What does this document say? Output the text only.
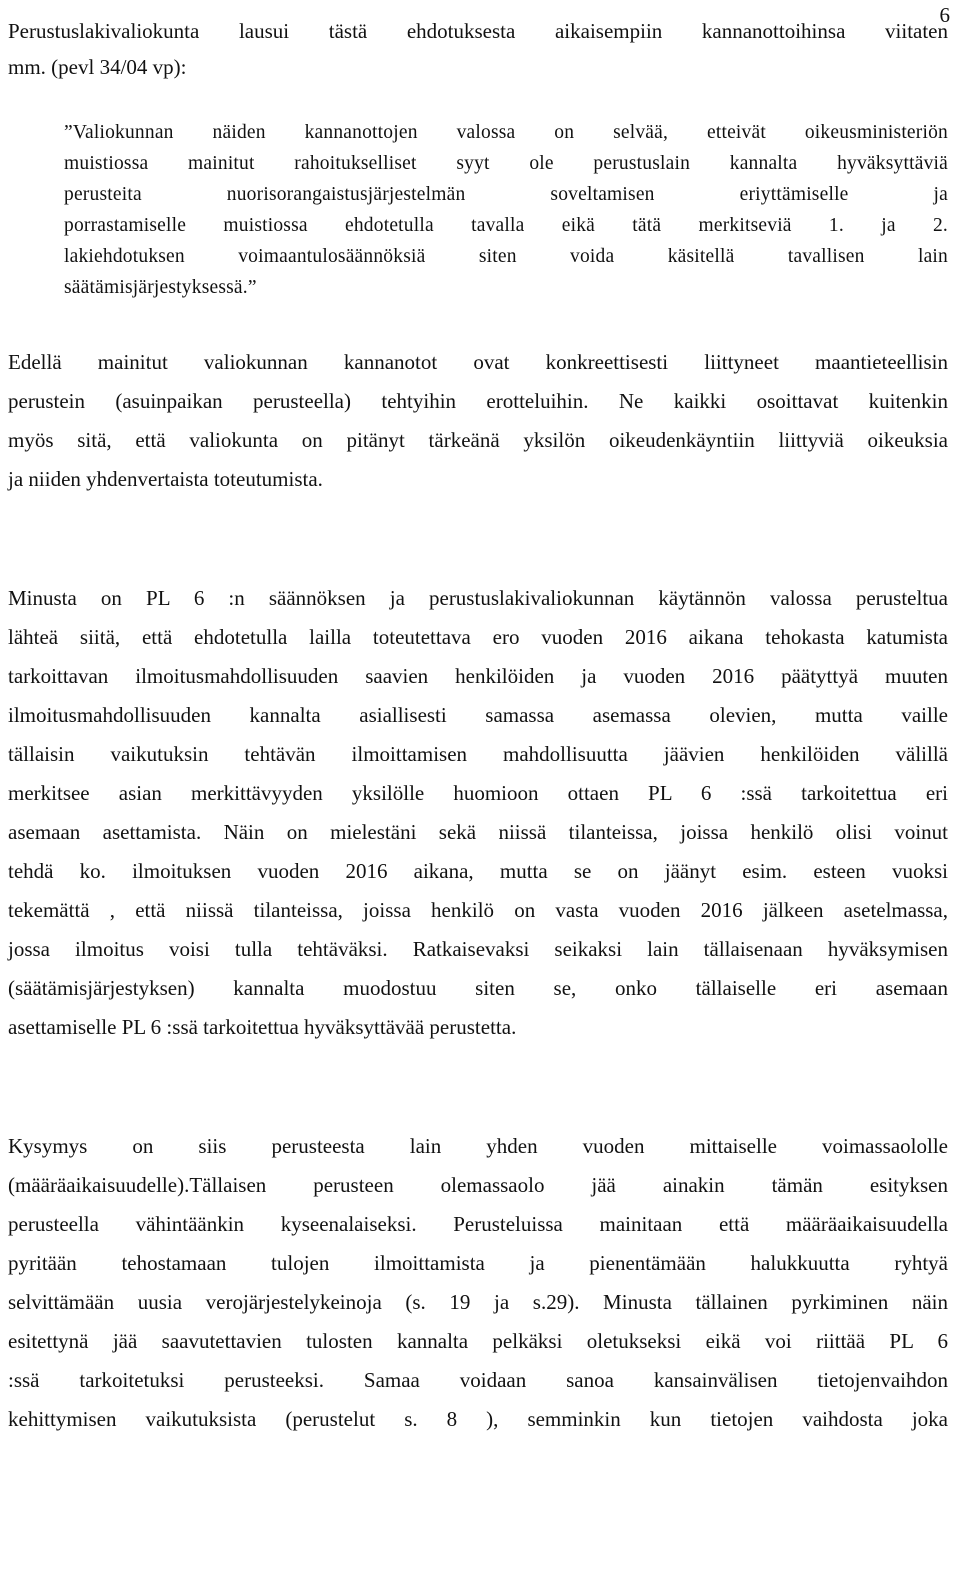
6
Perustuslakivaliokunta lausui tästä ehdotuksesta aikaisempiin kannanottoihinsa viitaten
mm. (pevl 34/04 vp):
”Valiokunnan näiden kannanottojen valossa on selvää, etteivät oikeusministeriön
muistiossa mainitut rahoitukselliset syyt ole perustuslain kannalta hyväksyttäviä
perusteita nuorisorangaistusjärjestelmän soveltamisen eriyttämiselle ja
porrastamiselle muistiossa ehdotetulla tavalla eikä tätä merkitseviä 1. ja 2.
lakiehdotuksen voimaantulosäännöksiä siten voida käsitellä tavallisen lain
säätämisjärjestyksessä.”
Edellä mainitut valiokunnan kannanotot ovat konkreettisesti liittyneet maantieteellisin
perustein (asuinpaikan perusteella) tehtyihin erotteluihin. Ne kaikki osoittavat kuitenkin
myös sitä, että valiokunta on pitänyt tärkeänä yksilön oikeudenkäyntiin liittyviä oikeuksia
ja niiden yhdenvertaista toteutumista.
Minusta on PL 6 :n säännöksen ja perustuslakivaliokunnan käytännön valossa perusteltua
lähteä siitä, että ehdotetulla lailla toteutettava ero vuoden 2016 aikana tehokasta katumista
tarkoittavan ilmoitusmahdollisuuden saavien henkilöiden ja vuoden 2016 päätyttyä muuten
ilmoitusmahdollisuuden kannalta asiallisesti samassa asemassa olevien, mutta vaille
tällaisin vaikutuksin tehtävän ilmoittamisen mahdollisuutta jäävien henkilöiden välillä
merkitsee asian merkittävyyden yksilölle huomioon ottaen PL 6 :ssä tarkoitettua eri
asemaan asettamista. Näin on mielestäni sekä niissä tilanteissa, joissa henkilö olisi voinut
tehdä ko. ilmoituksen vuoden 2016 aikana, mutta se on jäänyt esim. esteen vuoksi
tekemättä , että niissä tilanteissa, joissa henkilö on vasta vuoden 2016 jälkeen asetelmassa,
jossa ilmoitus voisi tulla tehtäväksi. Ratkaisevaksi seikaksi lain tällaisenaan hyväksymisen
(säätämisjärjestyksen) kannalta muodostuu siten se, onko tällaiselle eri asemaan
asettamiselle PL 6 :ssä tarkoitettua hyväksyttävää perustetta.
Kysymys on siis perusteesta lain yhden vuoden mittaiselle voimassaololle
(määräaikaisuudelle).Tällaisen perusteen olemassaolo jää ainakin tämän esityksen
perusteella vähintäänkin kyseenalaiseksi. Perusteluissa mainitaan että määräaikaisuudella
pyritään tehostamaan tulojen ilmoittamista ja pienentämään halukkuutta ryhtyä
selvittämään uusia verojärjestelykeinoja (s. 19 ja s.29). Minusta tällainen pyrkiminen näin
esitettynä jää saavutettavien tulosten kannalta pelkäksi oletukseksi eikä voi riittää PL 6
:ssä tarkoitetuksi perusteeksi. Samaa voidaan sanoa kansainvälisen tietojenvaihdon
kehittymisen vaikutuksista (perustelut s. 8 ), semminkin kun tietojen vaihdosta joka
